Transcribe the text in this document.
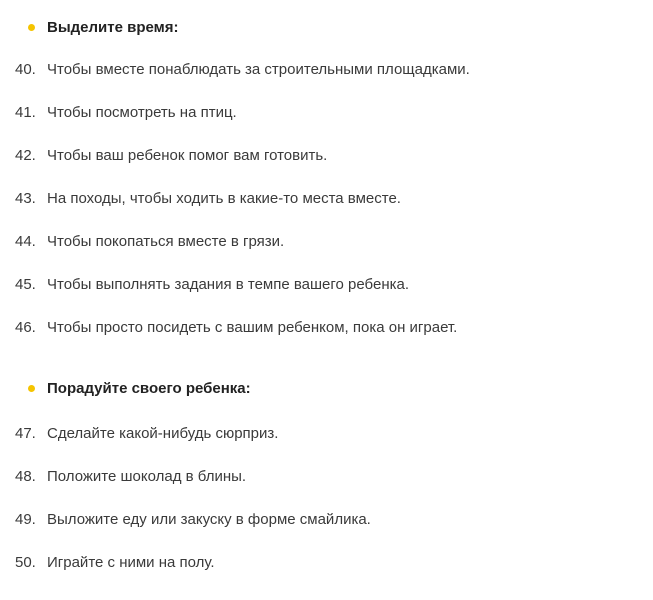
Выделите время:
40. Чтобы вместе понаблюдать за строительными площадками.
41. Чтобы посмотреть на птиц.
42. Чтобы ваш ребенок помог вам готовить.
43. На походы, чтобы ходить в какие-то места вместе.
44. Чтобы покопаться вместе в грязи.
45. Чтобы выполнять задания в темпе вашего ребенка.
46. Чтобы просто посидеть с вашим ребенком, пока он играет.
Порадуйте своего ребенка:
47. Сделайте какой-нибудь сюрприз.
48. Положите шоколад в блины.
49. Выложите еду или закуску в форме смайлика.
50. Играйте с ними на полу.
